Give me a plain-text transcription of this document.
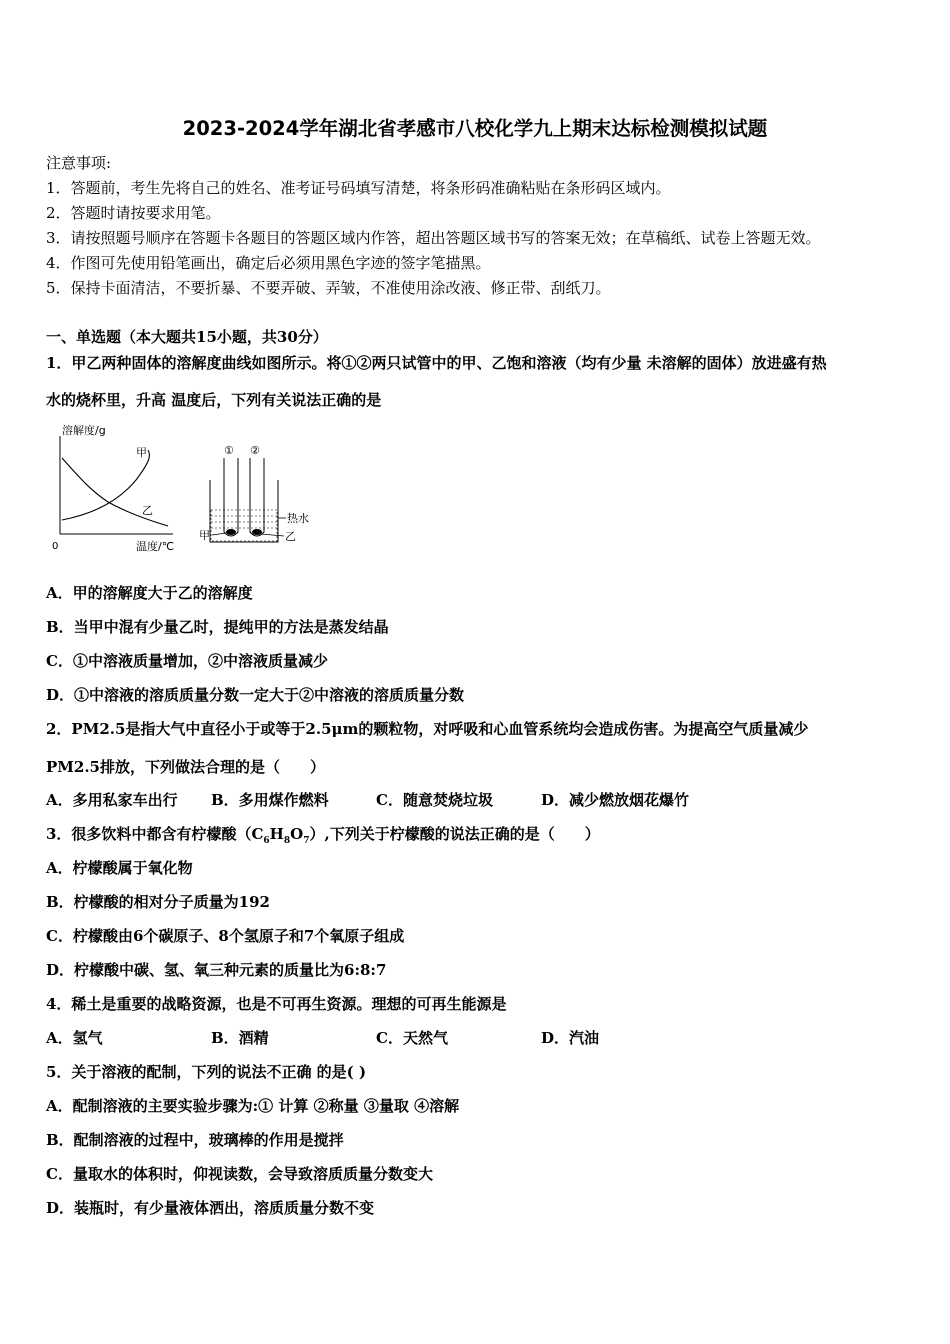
2023-2024学年湖北省孝感市八校化学九上期末达标检测模拟试题
注意事项:
1．答题前，考生先将自己的姓名、准考证号码填写清楚，将条形码准确粘贴在条形码区域内。
2．答题时请按要求用笔。
3．请按照题号顺序在答题卡各题目的答题区域内作答，超出答题区域书写的答案无效；在草稿纸、试卷上答题无效。
4．作图可先使用铅笔画出，确定后必须用黑色字迹的签字笔描黑。
5．保持卡面清洁，不要折暴、不要弄破、弄皱，不准使用涂改液、修正带、刮纸刀。
一、单选题（本大题共15小题，共30分）
1．甲乙两种固体的溶解度曲线如图所示。将①②两只试管中的甲、乙饱和溶液（均有少量 未溶解的固体）放进盛有热
水的烧杯里，升高 温度后，下列有关说法正确的是
溶解度/g
0	温度/℃
甲
乙
① ②
热水
甲	乙
A．甲的溶解度大于乙的溶解度
B．当甲中混有少量乙时，提纯甲的方法是蒸发结晶
C．①中溶液质量增加，②中溶液质量减少
D．①中溶液的溶质质量分数一定大于②中溶液的溶质质量分数
2．PM2.5是指大气中直径小于或等于2.5μm的颗粒物，对呼吸和心血管系统均会造成伤害。为提高空气质量减少
PM2.5排放，下列做法合理的是（　　）
A．多用私家车出行 B．多用煤作燃料	C．随意焚烧垃圾	D．减少燃放烟花爆竹
3．很多饮料中都含有柠檬酸$(C_6H_8O_7)$,下列关于柠檬酸的说法正确的是（　　）
A．柠檬酸属于氧化物
B．柠檬酸的相对分子质量为192
C．柠檬酸由6个碳原子、8个氢原子和7个氧原子组成
D．柠檬酸中碳、氢、氧三种元素的质量比为6:8:7
4．稀土是重要的战略资源，也是不可再生资源。理想的可再生能源是
A．氢气	B．酒精	C．天然气	D．汽油
5．关于溶液的配制，下列的说法不正确 的是( )
A．配制溶液的主要实验步骤为:① 计算 ②称量 ③量取 ④溶解
B．配制溶液的过程中，玻璃棒的作用是搅拌
C．量取水的体积时，仰视读数，会导致溶质质量分数变大
D．装瓶时，有少量液体洒出，溶质质量分数不变
